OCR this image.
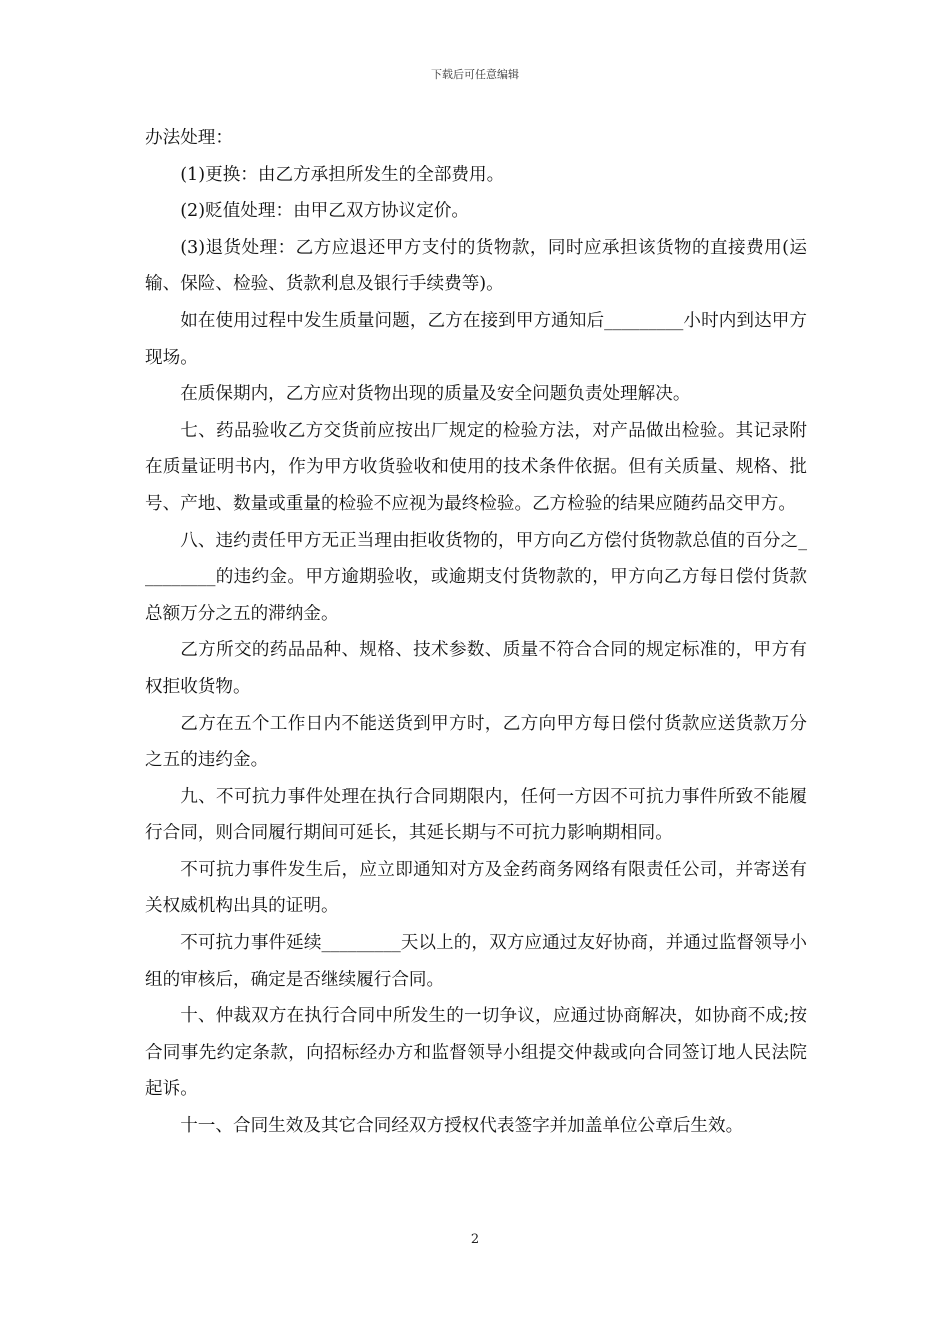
下载后可任意编辑

办法处理：

(1)更换：由乙方承担所发生的全部费用。

(2)贬值处理：由甲乙双方协议定价。

(3)退货处理：乙方应退还甲方支付的货物款，同时应承担该货物的直接费用(运输、保险、检验、货款利息及银行手续费等)。

如在使用过程中发生质量问题，乙方在接到甲方通知后_________小时内到达甲方现场。

在质保期内，乙方应对货物出现的质量及安全问题负责处理解决。

七、药品验收乙方交货前应按出厂规定的检验方法，对产品做出检验。其记录附在质量证明书内，作为甲方收货验收和使用的技术条件依据。但有关质量、规格、批号、产地、数量或重量的检验不应视为最终检验。乙方检验的结果应随药品交甲方。

八、违约责任甲方无正当理由拒收货物的，甲方向乙方偿付货物款总值的百分之_________的违约金。甲方逾期验收，或逾期支付货物款的，甲方向乙方每日偿付货款总额万分之五的滞纳金。

乙方所交的药品品种、规格、技术参数、质量不符合合同的规定标准的，甲方有权拒收货物。

乙方在五个工作日内不能送货到甲方时，乙方向甲方每日偿付货款应送货款万分之五的违约金。

九、不可抗力事件处理在执行合同期限内，任何一方因不可抗力事件所致不能履行合同，则合同履行期间可延长，其延长期与不可抗力影响期相同。

不可抗力事件发生后，应立即通知对方及金药商务网络有限责任公司，并寄送有关权威机构出具的证明。

不可抗力事件延续_________天以上的，双方应通过友好协商，并通过监督领导小组的审核后，确定是否继续履行合同。

十、仲裁双方在执行合同中所发生的一切争议，应通过协商解决，如协商不成;按合同事先约定条款，向招标经办方和监督领导小组提交仲裁或向合同签订地人民法院起诉。

十一、合同生效及其它合同经双方授权代表签字并加盖单位公章后生效。

2
